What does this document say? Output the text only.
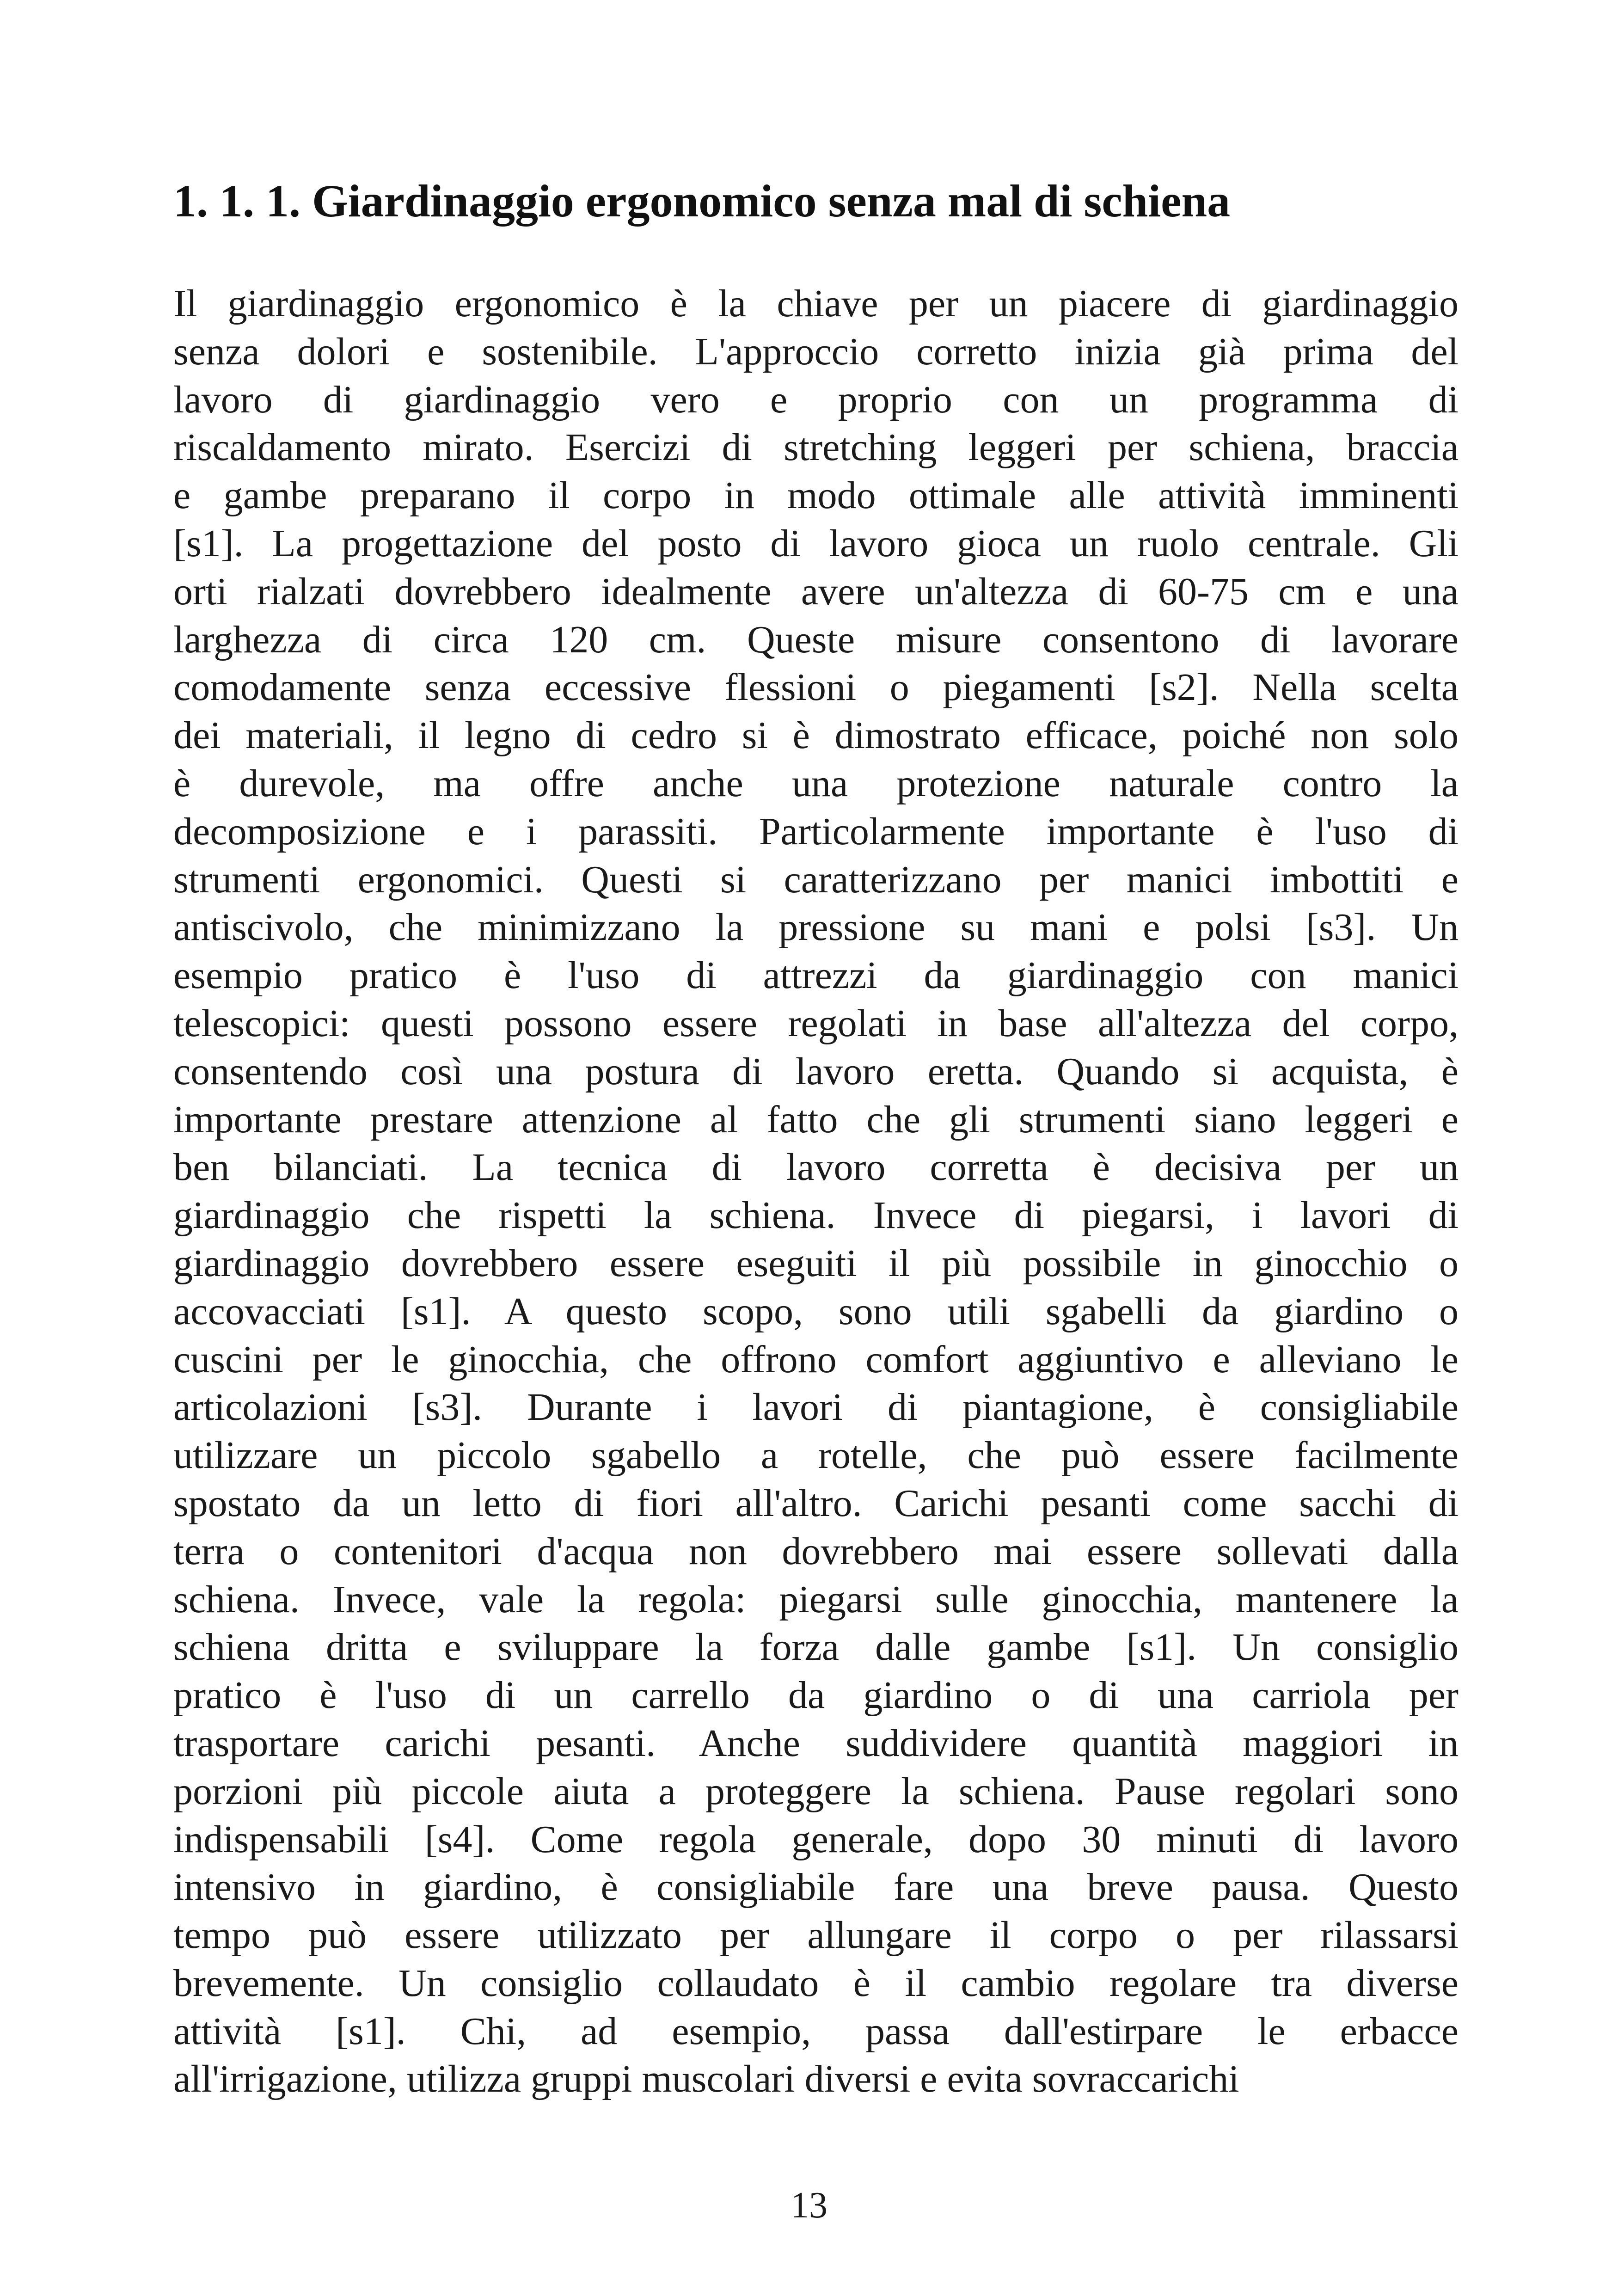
1. 1. 1. Giardinaggio ergonomico senza mal di schiena
Il giardinaggio ergonomico è la chiave per un piacere di giardinaggio
senza dolori e sostenibile. L'approccio corretto inizia già prima del
lavoro di giardinaggio vero e proprio con un programma di
riscaldamento mirato. Esercizi di stretching leggeri per schiena, braccia
e gambe preparano il corpo in modo ottimale alle attività imminenti
[s1]. La progettazione del posto di lavoro gioca un ruolo centrale. Gli
orti rialzati dovrebbero idealmente avere un'altezza di 60-75 cm e una
larghezza di circa 120 cm. Queste misure consentono di lavorare
comodamente senza eccessive flessioni o piegamenti [s2]. Nella scelta
dei materiali, il legno di cedro si è dimostrato efficace, poiché non solo
è durevole, ma offre anche una protezione naturale contro la
decomposizione e i parassiti. Particolarmente importante è l'uso di
strumenti ergonomici. Questi si caratterizzano per manici imbottiti e
antiscivolo, che minimizzano la pressione su mani e polsi [s3]. Un
esempio pratico è l'uso di attrezzi da giardinaggio con manici
telescopici: questi possono essere regolati in base all'altezza del corpo,
consentendo così una postura di lavoro eretta. Quando si acquista, è
importante prestare attenzione al fatto che gli strumenti siano leggeri e
ben bilanciati. La tecnica di lavoro corretta è decisiva per un
giardinaggio che rispetti la schiena. Invece di piegarsi, i lavori di
giardinaggio dovrebbero essere eseguiti il più possibile in ginocchio o
accovacciati [s1]. A questo scopo, sono utili sgabelli da giardino o
cuscini per le ginocchia, che offrono comfort aggiuntivo e alleviano le
articolazioni [s3]. Durante i lavori di piantagione, è consigliabile
utilizzare un piccolo sgabello a rotelle, che può essere facilmente
spostato da un letto di fiori all'altro. Carichi pesanti come sacchi di
terra o contenitori d'acqua non dovrebbero mai essere sollevati dalla
schiena. Invece, vale la regola: piegarsi sulle ginocchia, mantenere la
schiena dritta e sviluppare la forza dalle gambe [s1]. Un consiglio
pratico è l'uso di un carrello da giardino o di una carriola per
trasportare carichi pesanti. Anche suddividere quantità maggiori in
porzioni più piccole aiuta a proteggere la schiena. Pause regolari sono
indispensabili [s4]. Come regola generale, dopo 30 minuti di lavoro
intensivo in giardino, è consigliabile fare una breve pausa. Questo
tempo può essere utilizzato per allungare il corpo o per rilassarsi
brevemente. Un consiglio collaudato è il cambio regolare tra diverse
attività [s1]. Chi, ad esempio, passa dall'estirpare le erbacce
all'irrigazione, utilizza gruppi muscolari diversi e evita sovraccarichi
13
